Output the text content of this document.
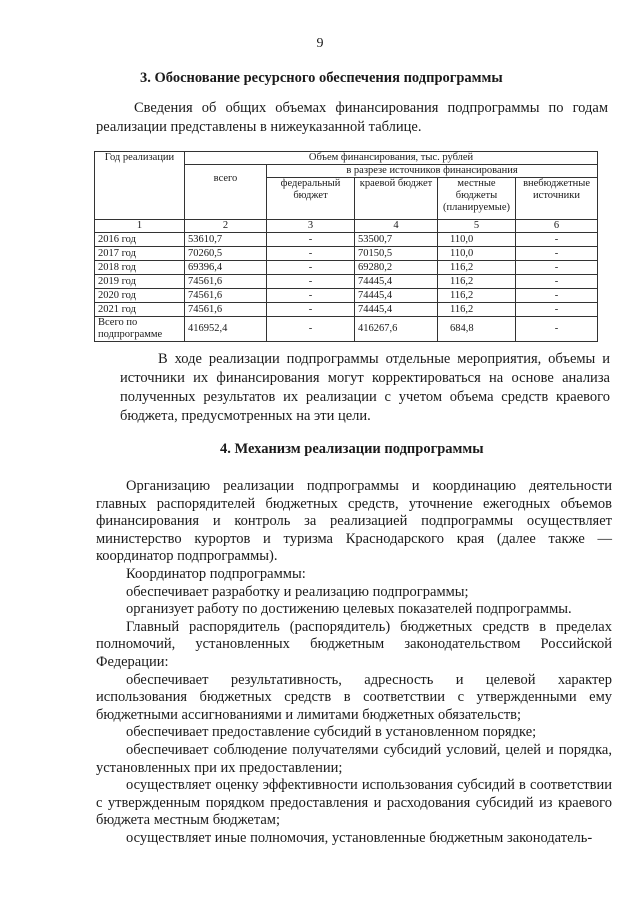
9
3. Обоснование ресурсного обеспечения подпрограммы
Сведения об общих объемах финансирования подпрограммы по годам реализации представлены в нижеуказанной таблице.
Год реализации	Объем финансирования, тыс. рублей				
	всего	в разрезе источников финансирования			
		федеральный бюджет	краевой бюджет	местные бюджеты (планируемые)	внебюджетные источники
1	2	3	4	5	6
2016 год	53610,7	-	53500,7	110,0	-
2017 год	70260,5	-	70150,5	110,0	-
2018 год	69396,4	-	69280,2	116,2	-
2019 год	74561,6	-	74445,4	116,2	-
2020 год	74561,6	-	74445,4	116,2	-
2021 год	74561,6	-	74445,4	116,2	-
Всего по подпрограмме	416952,4	-	416267,6	684,8	-
В ходе реализации подпрограммы отдельные мероприятия, объемы и источники их финансирования могут корректироваться на основе анализа полученных результатов их реализации с учетом объема средств краевого бюджета, предусмотренных на эти цели.
4. Механизм реализации подпрограммы

Организацию реализации подпрограммы и координацию деятельности главных распорядителей бюджетных средств, уточнение ежегодных объемов финансирования и контроль за реализацией подпрограммы осуществляет министерство курортов и туризма Краснодарского края (далее также — координатор подпрограммы).

Координатор подпрограммы:

обеспечивает разработку и реализацию подпрограммы;

организует работу по достижению целевых показателей подпрограммы.

Главный распорядитель (распорядитель) бюджетных средств в пределах полномочий, установленных бюджетным законодательством Российской Федерации:

обеспечивает результативность, адресность и целевой характер использования бюджетных средств в соответствии с утвержденными ему бюджетными ассигнованиями и лимитами бюджетных обязательств;

обеспечивает предоставление субсидий в установленном порядке;

обеспечивает соблюдение получателями субсидий условий, целей и порядка, установленных при их предоставлении;

осуществляет оценку эффективности использования субсидий в соответствии с утвержденным порядком предоставления и расходования субсидий из краевого бюджета местным бюджетам;

осуществляет иные полномочия, установленные бюджетным законодатель-
